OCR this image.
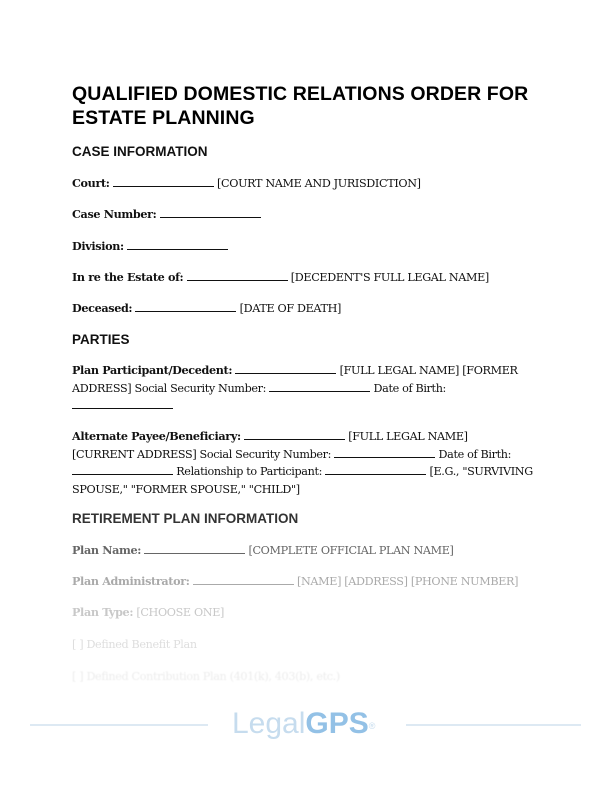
QUALIFIED DOMESTIC RELATIONS ORDER FOR ESTATE PLANNING
CASE INFORMATION
Court:	[COURT NAME AND JURISDICTION]
Case Number:
Division:
In re the Estate of:	[DECEDENT'S FULL LEGAL NAME]
Deceased:	[DATE OF DEATH]
PARTIES
Plan Participant/Decedent:	[FULL LEGAL NAME] [FORMER
ADDRESS] Social Security Number:	Date of Birth:

Alternate Payee/Beneficiary:	[FULL LEGAL NAME]
[CURRENT ADDRESS] Social Security Number:	Date of Birth:
Relationship to Participant:	[E.G., "SURVIVING
SPOUSE," "FORMER SPOUSE," "CHILD"]
RETIREMENT PLAN INFORMATION
Plan Name:	[COMPLETE OFFICIAL PLAN NAME]
Plan Administrator:	[NAME] [ADDRESS] [PHONE NUMBER]
Plan Type: [CHOOSE ONE]
[ ] Defined Benefit Plan
[ ] Defined Contribution Plan (401(k), 403(b), etc.)
LegalGPS®
